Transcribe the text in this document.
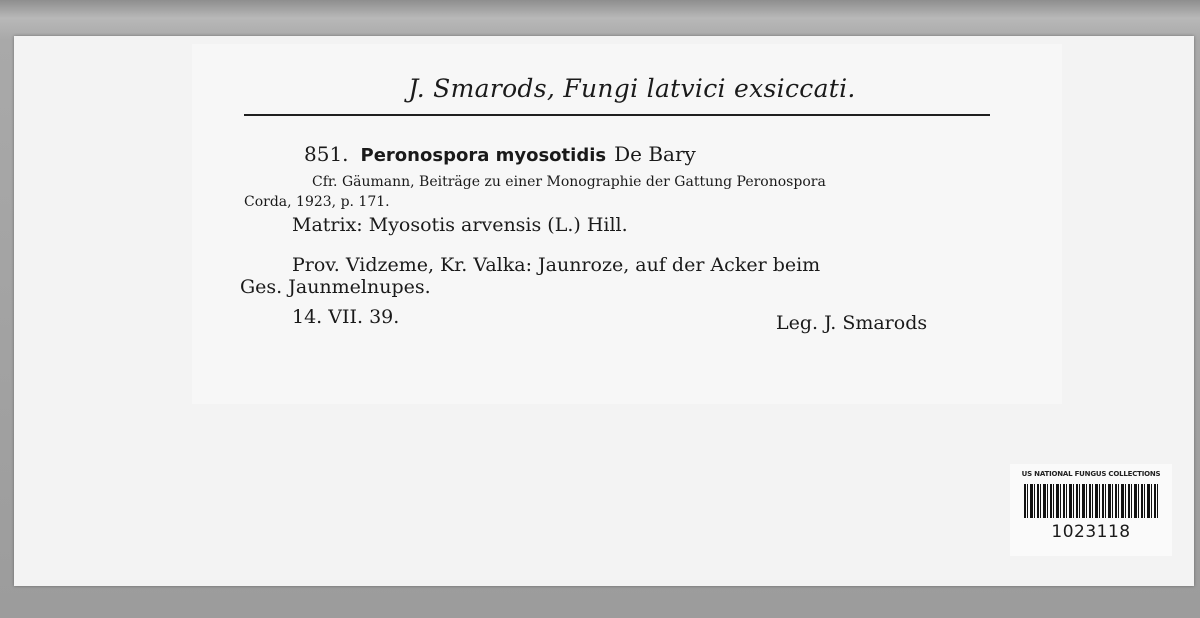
J. Smarods, Fungi latvici exsiccati.
851. Peronospora myosotidis De Bary
Cfr. Gäumann, Beiträge zu einer Monographie der Gattung Peronospora
Corda, 1923, p. 171.
Matrix: Myosotis arvensis (L.) Hill.
Prov. Vidzeme, Kr. Valka: Jaunroze, auf der Acker beim
Ges. Jaunmelnupes.
14. VII. 39.	Leg. J. Smarods
US NATIONAL FUNGUS COLLECTIONS
1023118
